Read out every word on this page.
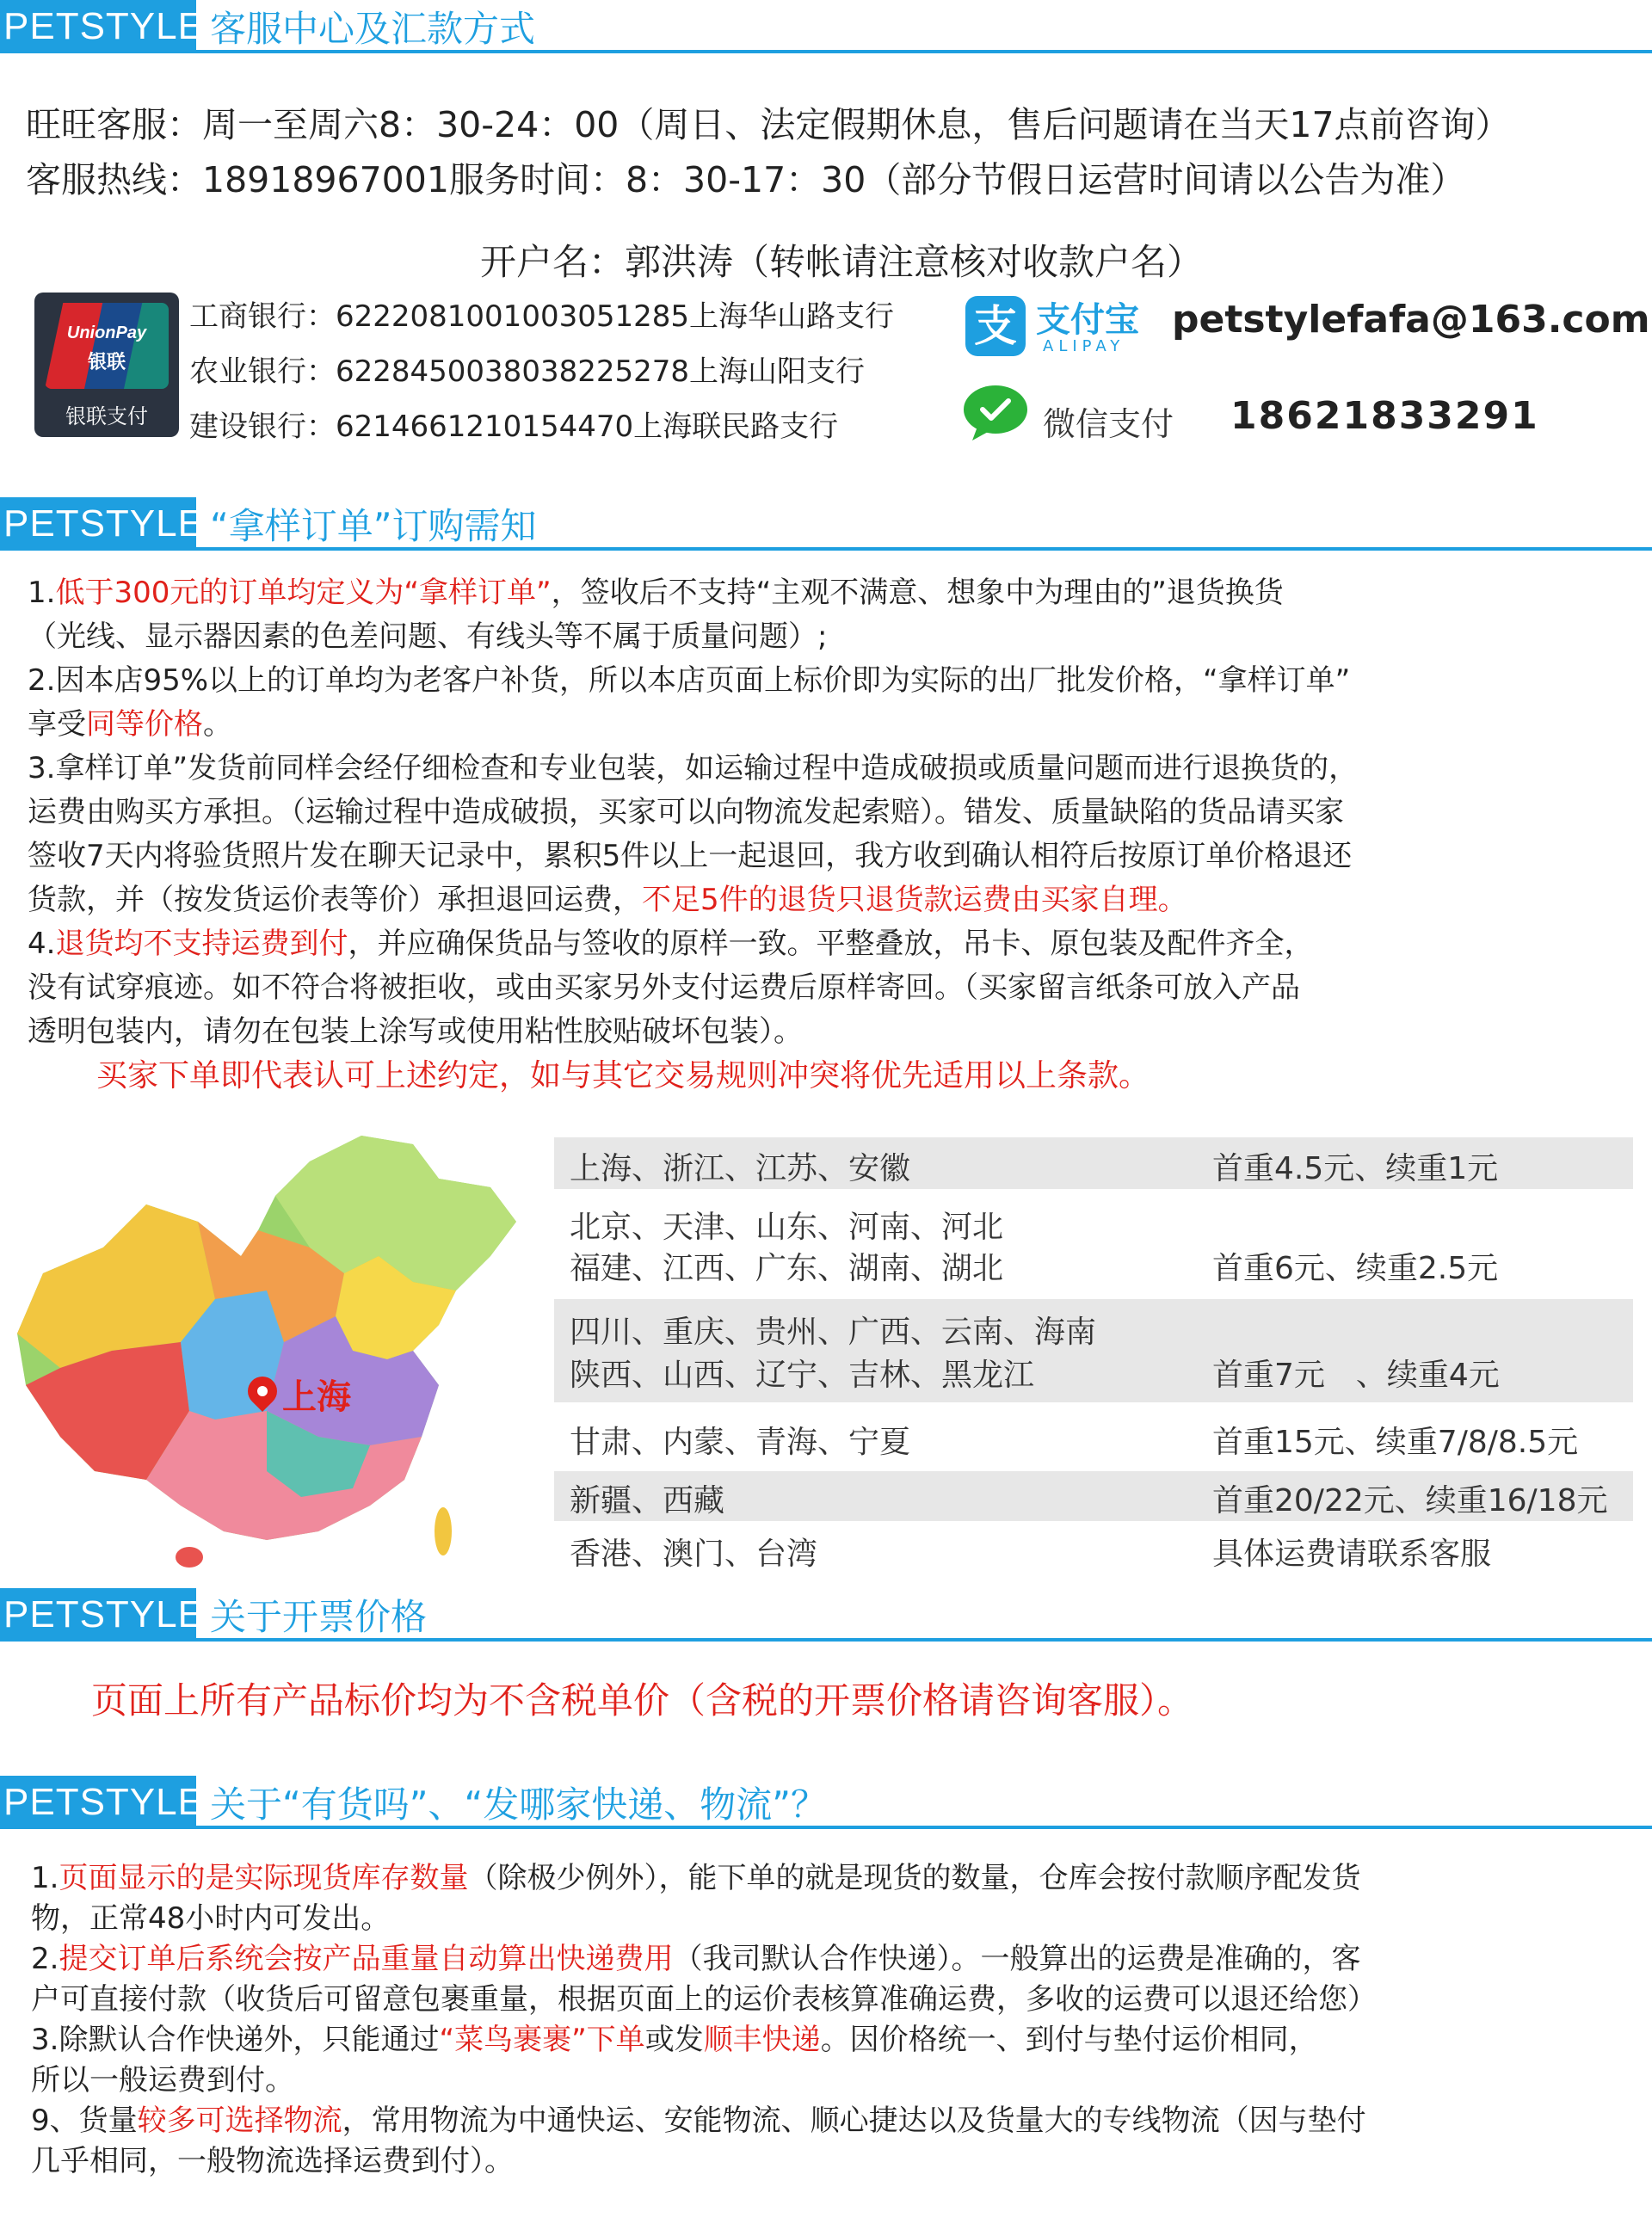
PETSTYLE 客服中心及汇款方式
旺旺客服：周一至周六8：30-24：00（周日、法定假期休息，售后问题请在当天17点前咨询）
客服热线：18918967001服务时间：8：30-17：30（部分节假日运营时间请以公告为准）
开户名：郭洪涛（转帐请注意核对收款户名）
UnionPay
银联
银联支付
工商银行：6222081001003051285上海华山路支行
农业银行：6228450038038225278上海山阳支行
建设银行：6214661210154470上海联民路支行
支 支付宝
ALIPAY
petstylefafa@163.com
微信支付 18621833291
PETSTYLE “拿样订单”订购需知

1.低于300元的订单均定义为“拿样订单”，签收后不支持“主观不满意、想象中为理由的”退货换货

（光线、显示器因素的色差问题、有线头等不属于质量问题）;

2.因本店95%以上的订单均为老客户补货，所以本店页面上标价即为实际的出厂批发价格，“拿样订单”

享受同等价格。

3.拿样订单”发货前同样会经仔细检查和专业包装，如运输过程中造成破损或质量问题而进行退换货的，

运费由购买方承担。（运输过程中造成破损，买家可以向物流发起索赔）。错发、质量缺陷的货品请买家

签收7天内将验货照片发在聊天记录中，累积5件以上一起退回，我方收到确认相符后按原订单价格退还

货款，并（按发货运价表等价）承担退回运费，不足5件的退货只退货款运费由买家自理。

4.退货均不支持运费到付，并应确保货品与签收的原样一致。平整叠放，吊卡、原包装及配件齐全，

没有试穿痕迹。如不符合将被拒收，或由买家另外支付运费后原样寄回。（买家留言纸条可放入产品

透明包装内，请勿在包装上涂写或使用粘性胶贴破坏包装）。

买家下单即代表认可上述约定，如与其它交易规则冲突将优先适用以上条款。

上海
上海、浙江、江苏、安徽	首重4.5元、续重1元
北京、天津、山东、河南、河北
福建、江西、广东、湖南、湖北	首重6元、续重2.5元
四川、重庆、贵州、广西、云南、海南
陕西、山西、辽宁、吉林、黑龙江	首重7元　、续重4元
甘肃、内蒙、青海、宁夏	首重15元、续重7/8/8.5元
新疆、西藏	首重20/22元、续重16/18元
香港、澳门、台湾	具体运费请联系客服
PETSTYLE 关于开票价格
页面上所有产品标价均为不含税单价（含税的开票价格请咨询客服）。
PETSTYLE 关于“有货吗”、“发哪家快递、物流”？

1.页面显示的是实际现货库存数量（除极少例外），能下单的就是现货的数量，仓库会按付款顺序配发货

物，正常48小时内可发出。

2.提交订单后系统会按产品重量自动算出快递费用（我司默认合作快递）。一般算出的运费是准确的，客

户可直接付款（收货后可留意包裹重量，根据页面上的运价表核算准确运费，多收的运费可以退还给您）

3.除默认合作快递外，只能通过“菜鸟裹裹”下单或发顺丰快递。因价格统一、到付与垫付运价相同，

所以一般运费到付。

9、货量较多可选择物流，常用物流为中通快运、安能物流、顺心捷达以及货量大的专线物流（因与垫付

几乎相同，一般物流选择运费到付）。
